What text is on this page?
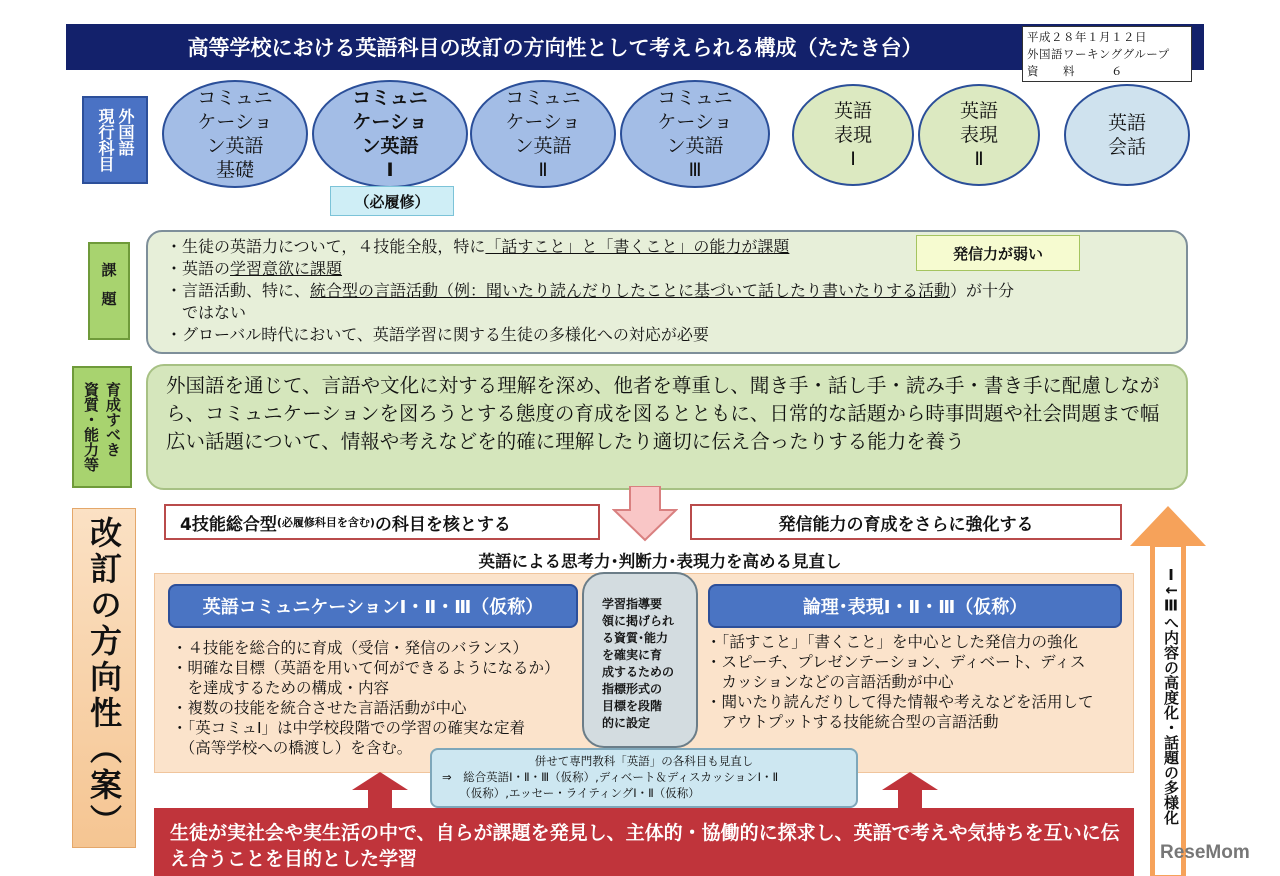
高等学校における英語科目の改訂の方向性として考えられる構成（たたき台）	平成２８年１月１２日
外国語ワーキンググループ
資　　料　　　６
外国語
現行科目
課題
育成すべき
資質・能力等
改訂の方向性（案）
コミュニ
ケーショ
ン英語
基礎
コミュニ
ケーショ
ン英語
Ⅰ
コミュニ
ケーショ
ン英語
Ⅱ
コミュニ
ケーショ
ン英語
Ⅲ
英語
表現
Ⅰ
英語
表現
Ⅱ
英語
会話
（必履修）
・生徒の英語力について，４技能全般，特に「話すこと」と「書くこと」の能力が課題
・英語の学習意欲に課題
・言語活動、特に、統合型の言語活動（例：聞いたり読んだりしたことに基づいて話したり書いたりする活動）が十分
　ではない
・グローバル時代において、英語学習に関する生徒の多様化への対応が必要
発信力が弱い
外国語を通じて、言語や文化に対する理解を深め、他者を尊重し、聞き手・話し手・読み手・書き手に配慮しながら、コミュニケーションを図ろうとする態度の育成を図るとともに、日常的な話題から時事問題や社会問題まで幅広い話題について、情報や考えなどを的確に理解したり適切に伝え合ったりする能力を養う
4技能総合型 (必履修科目を含む) の科目を核とする	発信能力の育成をさらに強化する
英語による思考力･判断力･表現力を高める見直し
英語コミュニケーションⅠ・Ⅱ・Ⅲ（仮称）	論理･表現Ⅰ・Ⅱ・Ⅲ（仮称）
・４技能を総合的に育成（受信・発信のバランス）
・明確な目標（英語を用いて何ができるようになるか）
　を達成するための構成・内容
・複数の技能を統合させた言語活動が中心
・「英コミュⅠ」は中学校段階での学習の確実な定着
　（高等学校への橋渡し）を含む。
・「話すこと」「書くこと」を中心とした発信力の強化
・スピーチ、プレゼンテーション、ディベート、ディス
　カッションなどの言語活動が中心
・聞いたり読んだりして得た情報や考えなどを活用して
　アウトプットする技能統合型の言語活動
学習指導要
領に掲げられ
る資質･能力
を確実に育
成するための
指標形式の
目標を段階
的に設定
併せて専門教科「英語」の各科目も見直し
⇒　総合英語Ⅰ・Ⅱ・Ⅲ（仮称）,ディベート＆ディスカッションⅠ・Ⅱ
　　（仮称）,エッセー・ライティングⅠ・Ⅱ（仮称）
生徒が実社会や実生活の中で、自らが課題を発見し、主体的・協働的に探求し、英語で考えや気持ちを互いに伝え合うことを目的とした学習
Ⅰ↓Ⅲへ内容の高度化・話題の多様化
ReseMom
